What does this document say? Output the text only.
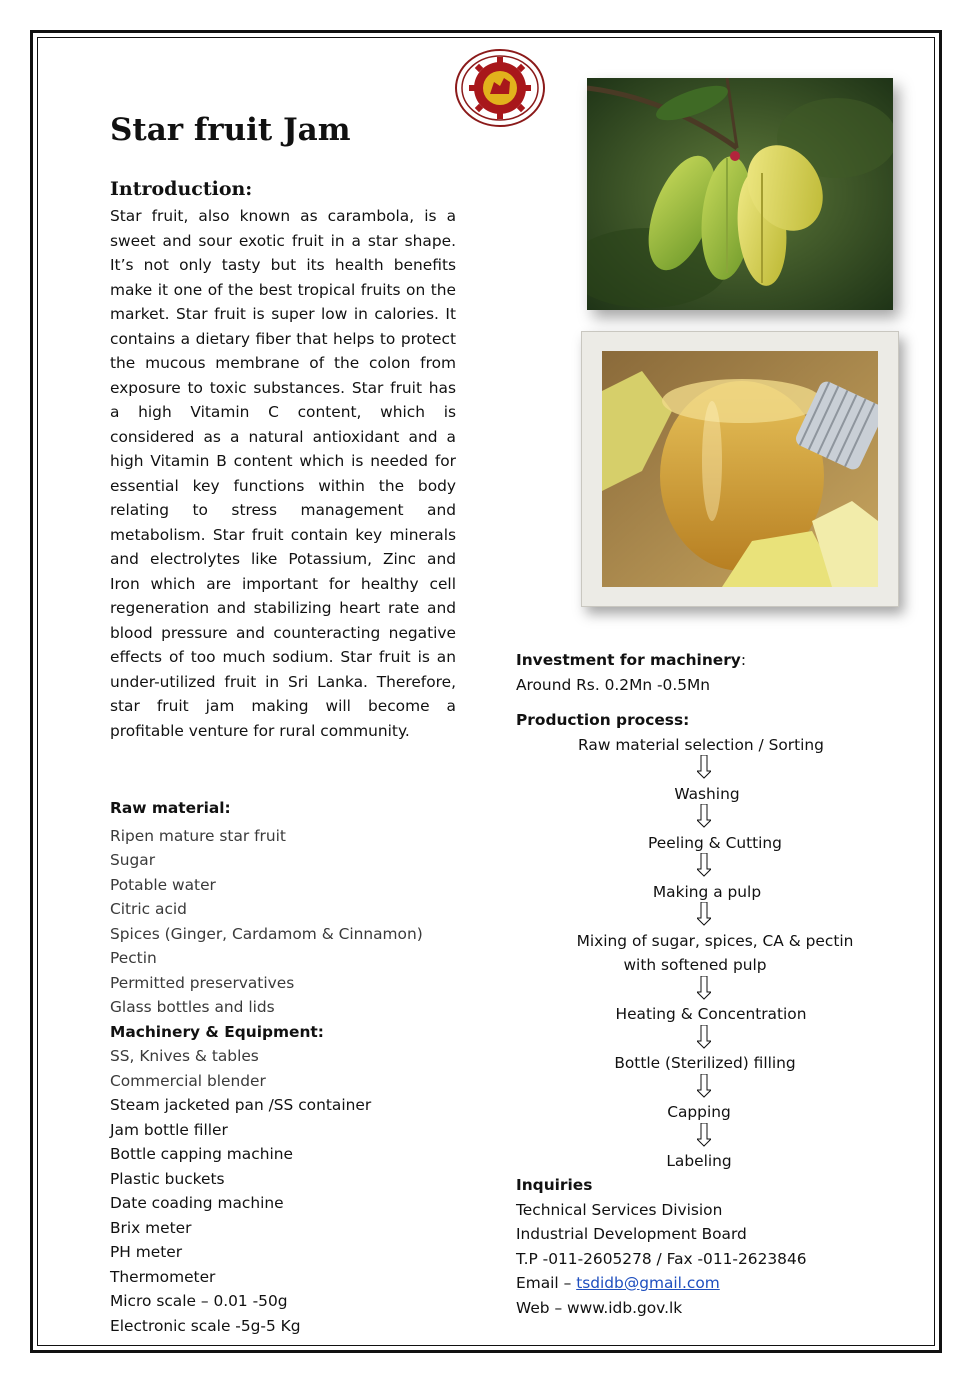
Star fruit Jam
Introduction:

Star fruit, also known as carambola, is a sweet and sour exotic fruit in a star shape. It’s not only tasty but its health benefits make it one of the best tropical fruits on the market. Star fruit is super low in calories. It contains a dietary fiber that helps to protect the mucous membrane of the colon from exposure to toxic substances. Star fruit has a high Vitamin C content, which is considered as a natural antioxidant and a high Vitamin B content which is needed for essential key functions within the body relating to stress management and metabolism. Star fruit contain key minerals and electrolytes like Potassium, Zinc and Iron which are important for healthy cell regeneration and stabilizing heart rate and blood pressure and counteracting negative effects of too much sodium. Star fruit is an under-utilized fruit in Sri Lanka. Therefore, star fruit jam making will become a profitable venture for rural community.

Raw material:

Ripen mature star fruit

Sugar

Potable water

Citric acid

Spices (Ginger, Cardamom & Cinnamon)

Pectin

Permitted preservatives

Glass bottles and lids

Machinery & Equipment:

SS, Knives & tables

Commercial blender

Steam jacketed pan /SS container

Jam bottle filler

Bottle capping machine

Plastic buckets

Date coading machine

Brix meter

PH meter

Thermometer

Micro scale – 0.01 -50g

Electronic scale -5g-5 Kg

Investment for machinery:

Around Rs. 0.2Mn -0.5Mn

Production process:

Raw material selection / Sorting
Washing
Peeling & Cutting
Making a pulp
Mixing of sugar, spices, CA & pectin
with softened pulp
Heating & Concentration
Bottle (Sterilized) filling
Capping
Labeling

Inquiries

Technical Services Division

Industrial Development Board

T.P -011-2605278 / Fax -011-2623846

Email – tsdidb@gmail.com

Web – www.idb.gov.lk
